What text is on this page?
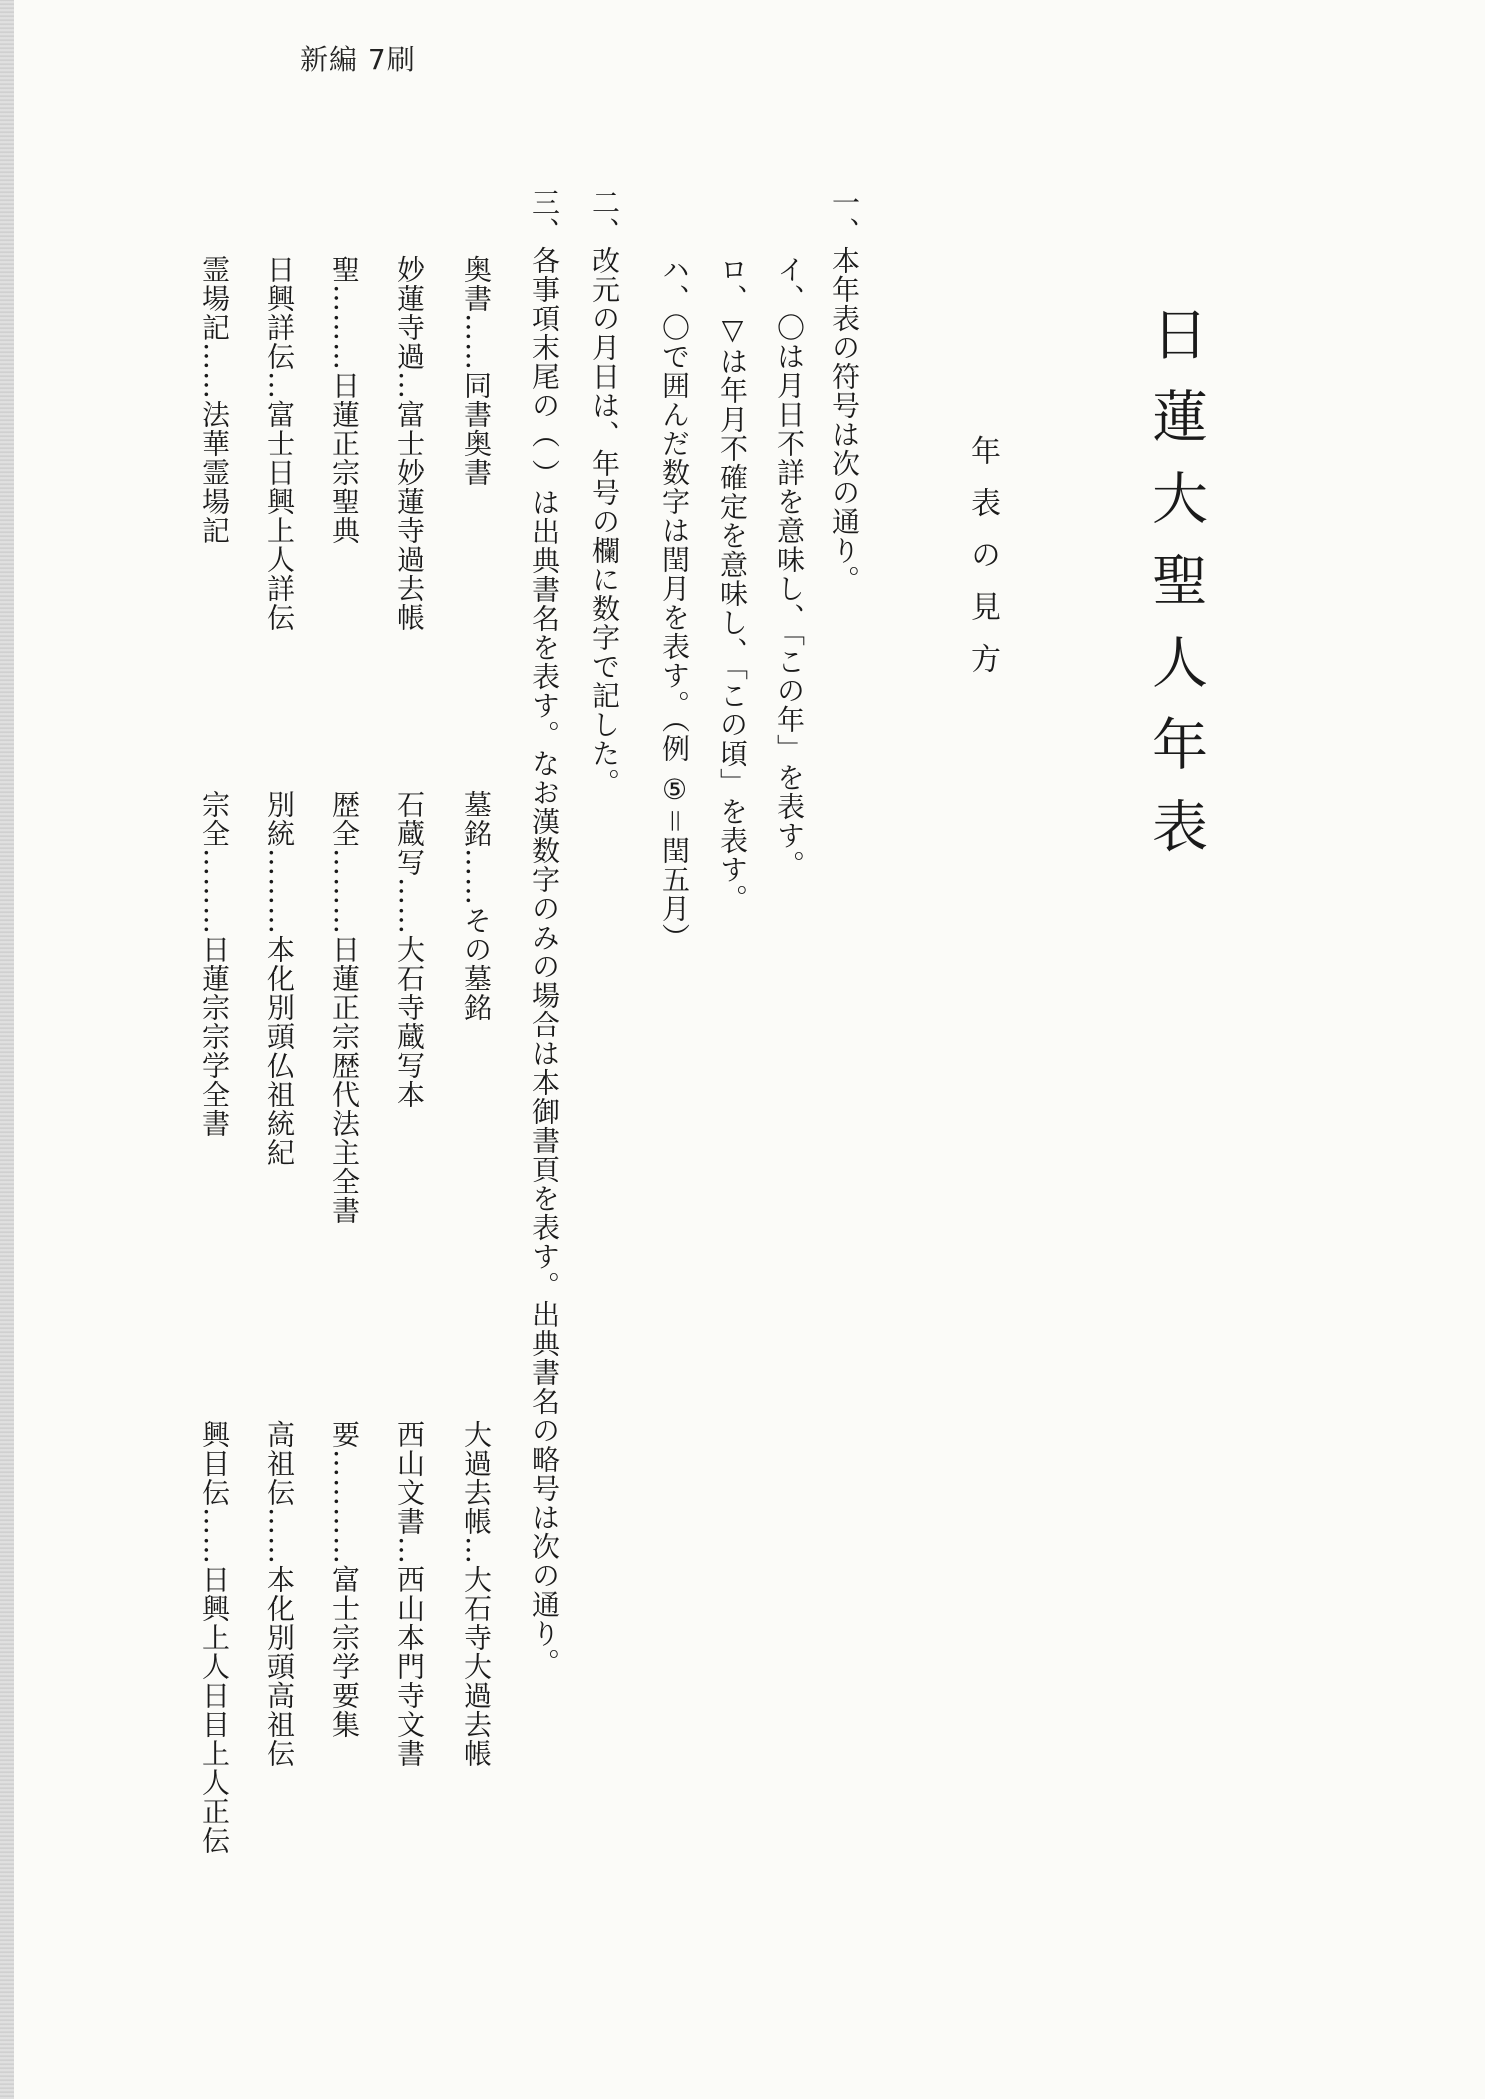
新編 7刷
日蓮大聖人年表
年表の見方
一、本年表の符号は次の通り。
イ、〇は月日不詳を意味し、「この年」を表す。
ロ、▽は年月不確定を意味し、「この頃」を表す。
ハ、〇で囲んだ数字は閏月を表す。（例 ⑤＝閏五月）
二、改元の月日は、年号の欄に数字で記した。
三、各事項末尾の（ ）は出典書名を表す。なお漢数字のみの場合は本御書頁を表す。出典書名の略号は次の通り。
奥書……同書奥書
墓銘……その墓銘
大過去帳…大石寺大過去帳
妙蓮寺過…富士妙蓮寺過去帳
石蔵写……大石寺蔵写本
西山文書…西山本門寺文書
聖………日蓮正宗聖典
歴全………日蓮正宗歴代法主全書
要…………富士宗学要集
日興詳伝…富士日興上人詳伝
別統………本化別頭仏祖統紀
高祖伝……本化別頭高祖伝
霊場記……法華霊場記
宗全………日蓮宗宗学全書
興目伝……日興上人日目上人正伝
